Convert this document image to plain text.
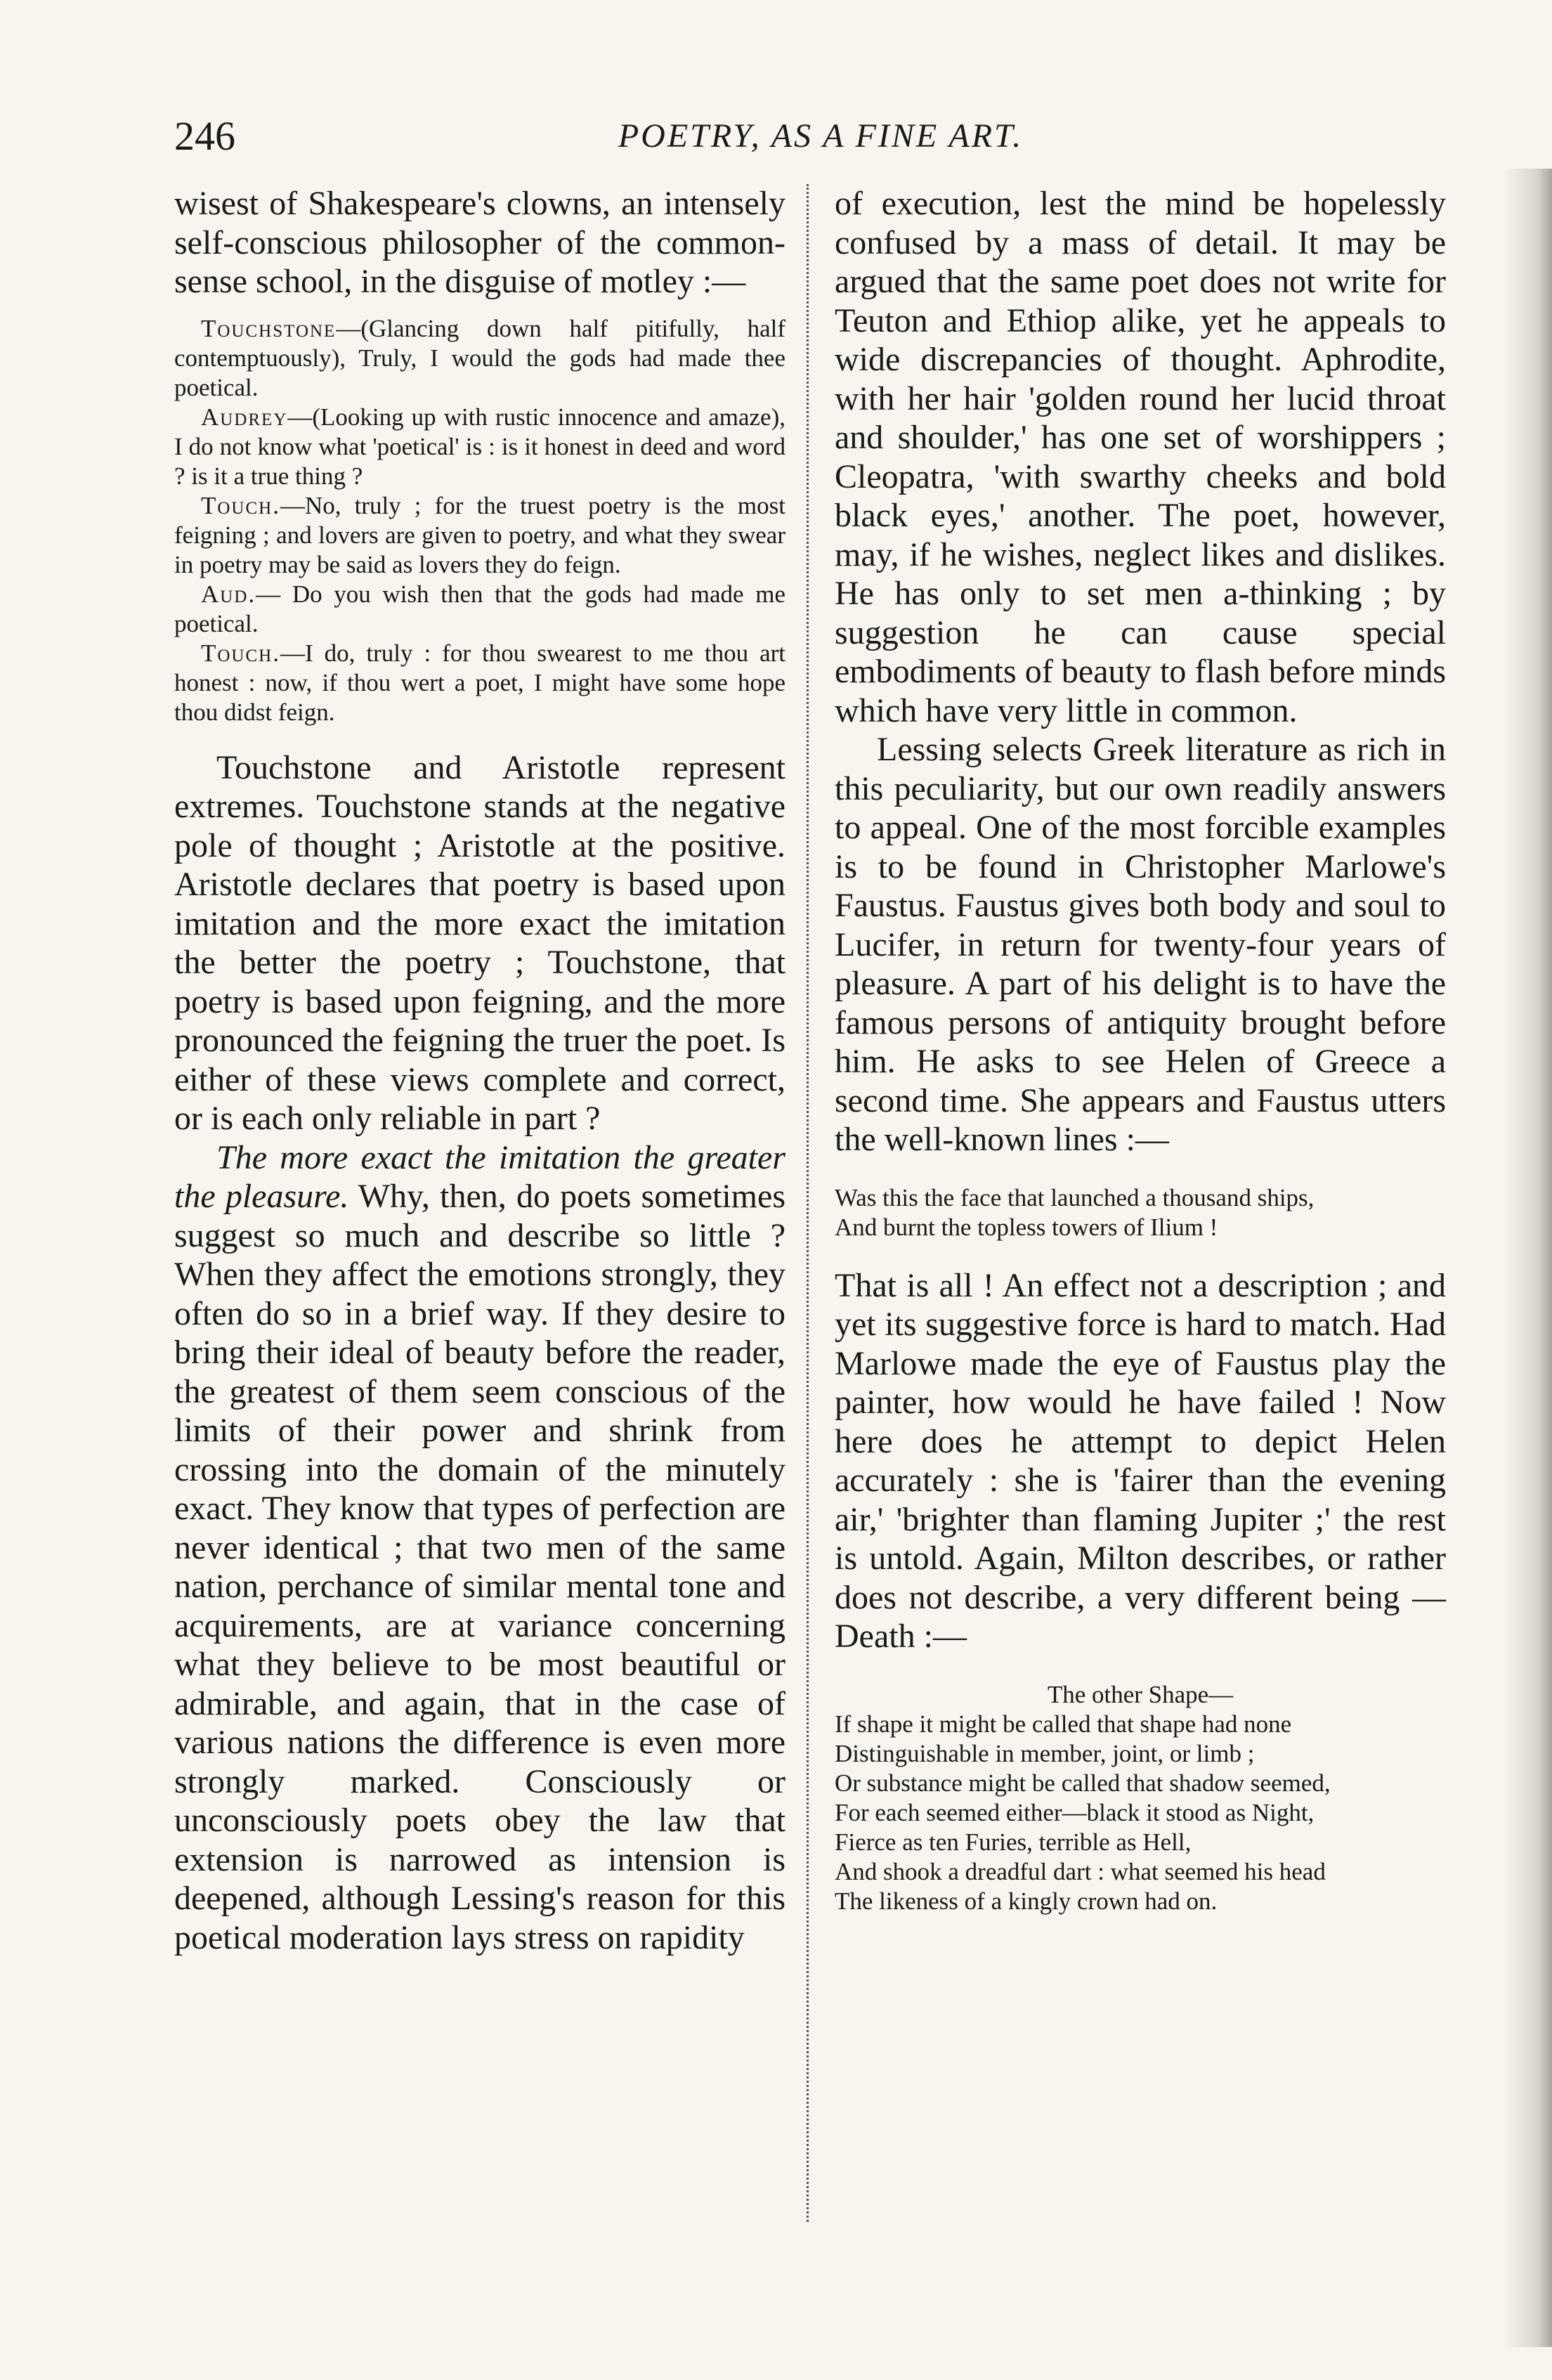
246	POETRY, AS A FINE ART.

wisest of Shakespeare's clowns, an intensely self-conscious philosopher of the common-sense school, in the disguise of motley :—

Touchstone—(Glancing down half pitifully, half contemptuously), Truly, I would the gods had made thee poetical.

Audrey—(Looking up with rustic innocence and amaze), I do not know what 'poetical' is : is it honest in deed and word ? is it a true thing ?

Touch.—No, truly ; for the truest poetry is the most feigning ; and lovers are given to poetry, and what they swear in poetry may be said as lovers they do feign.

Aud.— Do you wish then that the gods had made me poetical.

Touch.—I do, truly : for thou swearest to me thou art honest : now, if thou wert a poet, I might have some hope thou didst feign.

Touchstone and Aristotle represent extremes. Touchstone stands at the negative pole of thought ; Aristotle at the positive. Aristotle declares that poetry is based upon imitation and the more exact the imitation the better the poetry ; Touchstone, that poetry is based upon feigning, and the more pronounced the feigning the truer the poet. Is either of these views complete and correct, or is each only reliable in part ?

The more exact the imitation the greater the pleasure. Why, then, do poets sometimes suggest so much and describe so little ? When they affect the emotions strongly, they often do so in a brief way. If they desire to bring their ideal of beauty before the reader, the greatest of them seem conscious of the limits of their power and shrink from crossing into the domain of the minutely exact. They know that types of perfection are never identical ; that two men of the same nation, perchance of similar mental tone and acquirements, are at variance concerning what they believe to be most beautiful or admirable, and again, that in the case of various nations the difference is even more strongly marked. Consciously or unconsciously poets obey the law that extension is narrowed as intension is deepened, although Lessing's reason for this poetical moderation lays stress on rapidity

of execution, lest the mind be hopelessly confused by a mass of detail. It may be argued that the same poet does not write for Teuton and Ethiop alike, yet he appeals to wide discrepancies of thought. Aphrodite, with her hair 'golden round her lucid throat and shoulder,' has one set of worshippers ; Cleopatra, 'with swarthy cheeks and bold black eyes,' another. The poet, however, may, if he wishes, neglect likes and dislikes. He has only to set men a-thinking ; by suggestion he can cause special embodiments of beauty to flash before minds which have very little in common.

Lessing selects Greek literature as rich in this peculiarity, but our own readily answers to appeal. One of the most forcible examples is to be found in Christopher Marlowe's Faustus. Faustus gives both body and soul to Lucifer, in return for twenty-four years of pleasure. A part of his delight is to have the famous persons of antiquity brought before him. He asks to see Helen of Greece a second time. She appears and Faustus utters the well-known lines :—

Was this the face that launched a thousand ships,

And burnt the topless towers of Ilium !

That is all ! An effect not a description ; and yet its suggestive force is hard to match. Had Marlowe made the eye of Faustus play the painter, how would he have failed ! Now here does he attempt to depict Helen accurately : she is 'fairer than the evening air,' 'brighter than flaming Jupiter ;' the rest is untold. Again, Milton describes, or rather does not describe, a very different being —Death :—

The other Shape—

If shape it might be called that shape had none

Distinguishable in member, joint, or limb ;

Or substance might be called that shadow seemed,

For each seemed either—black it stood as Night,

Fierce as ten Furies, terrible as Hell,

And shook a dreadful dart : what seemed his head

The likeness of a kingly crown had on.
